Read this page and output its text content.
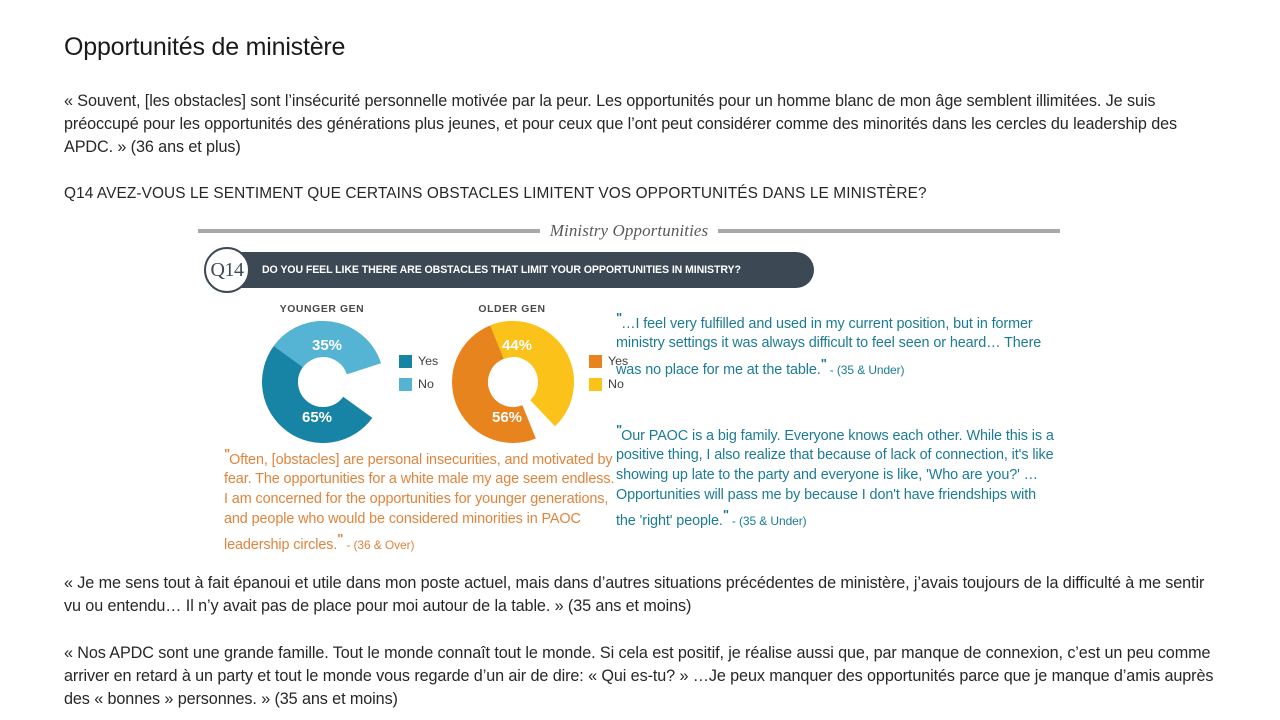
Opportunités de ministère
« Souvent, [les obstacles] sont l’insécurité personnelle motivée par la peur. Les opportunités pour un homme blanc de mon âge semblent illimitées. Je suis préoccupé pour les opportunités des générations plus jeunes, et pour ceux que l’ont peut considérer comme des minorités dans les cercles du leadership des APDC. » (36 ans et plus)
Q14 AVEZ-VOUS LE SENTIMENT QUE CERTAINS OBSTACLES LIMITENT VOS OPPORTUNITÉS DANS LE MINISTÈRE?
Ministry Opportunities
Q14	DO YOU FEEL LIKE THERE ARE OBSTACLES THAT LIMIT YOUR OPPORTUNITIES IN MINISTRY?
YOUNGER GEN
35%
65%
Yes
No
OLDER GEN
44%
56%
Yes
No
"…I feel very fulfilled and used in my current position, but in former ministry settings it was always difficult to feel seen or heard… There was no place for me at the table." - (35 & Under)
"Our PAOC is a big family. Everyone knows each other. While this is a positive thing, I also realize that because of lack of connection, it's like showing up late to the party and everyone is like, 'Who are you?' …Opportunities will pass me by because I don't have friendships with the 'right' people." - (35 & Under)
"Often, [obstacles] are personal insecurities, and motivated by fear. The opportunities for a white male my age seem endless. I am concerned for the opportunities for younger generations, and people who would be considered minorities in PAOC leadership circles." - (36 & Over)
« Je me sens tout à fait épanoui et utile dans mon poste actuel, mais dans d’autres situations précédentes de ministère, j’avais toujours de la difficulté à me sentir vu ou entendu… Il n’y avait pas de place pour moi autour de la table. » (35 ans et moins)
« Nos APDC sont une grande famille. Tout le monde connaît tout le monde. Si cela est positif, je réalise aussi que, par manque de connexion, c’est un peu comme arriver en retard à un party et tout le monde vous regarde d’un air de dire: « Qui es-tu? » …Je peux manquer des opportunités parce que je manque d’amis auprès des « bonnes » personnes. » (35 ans et moins)
